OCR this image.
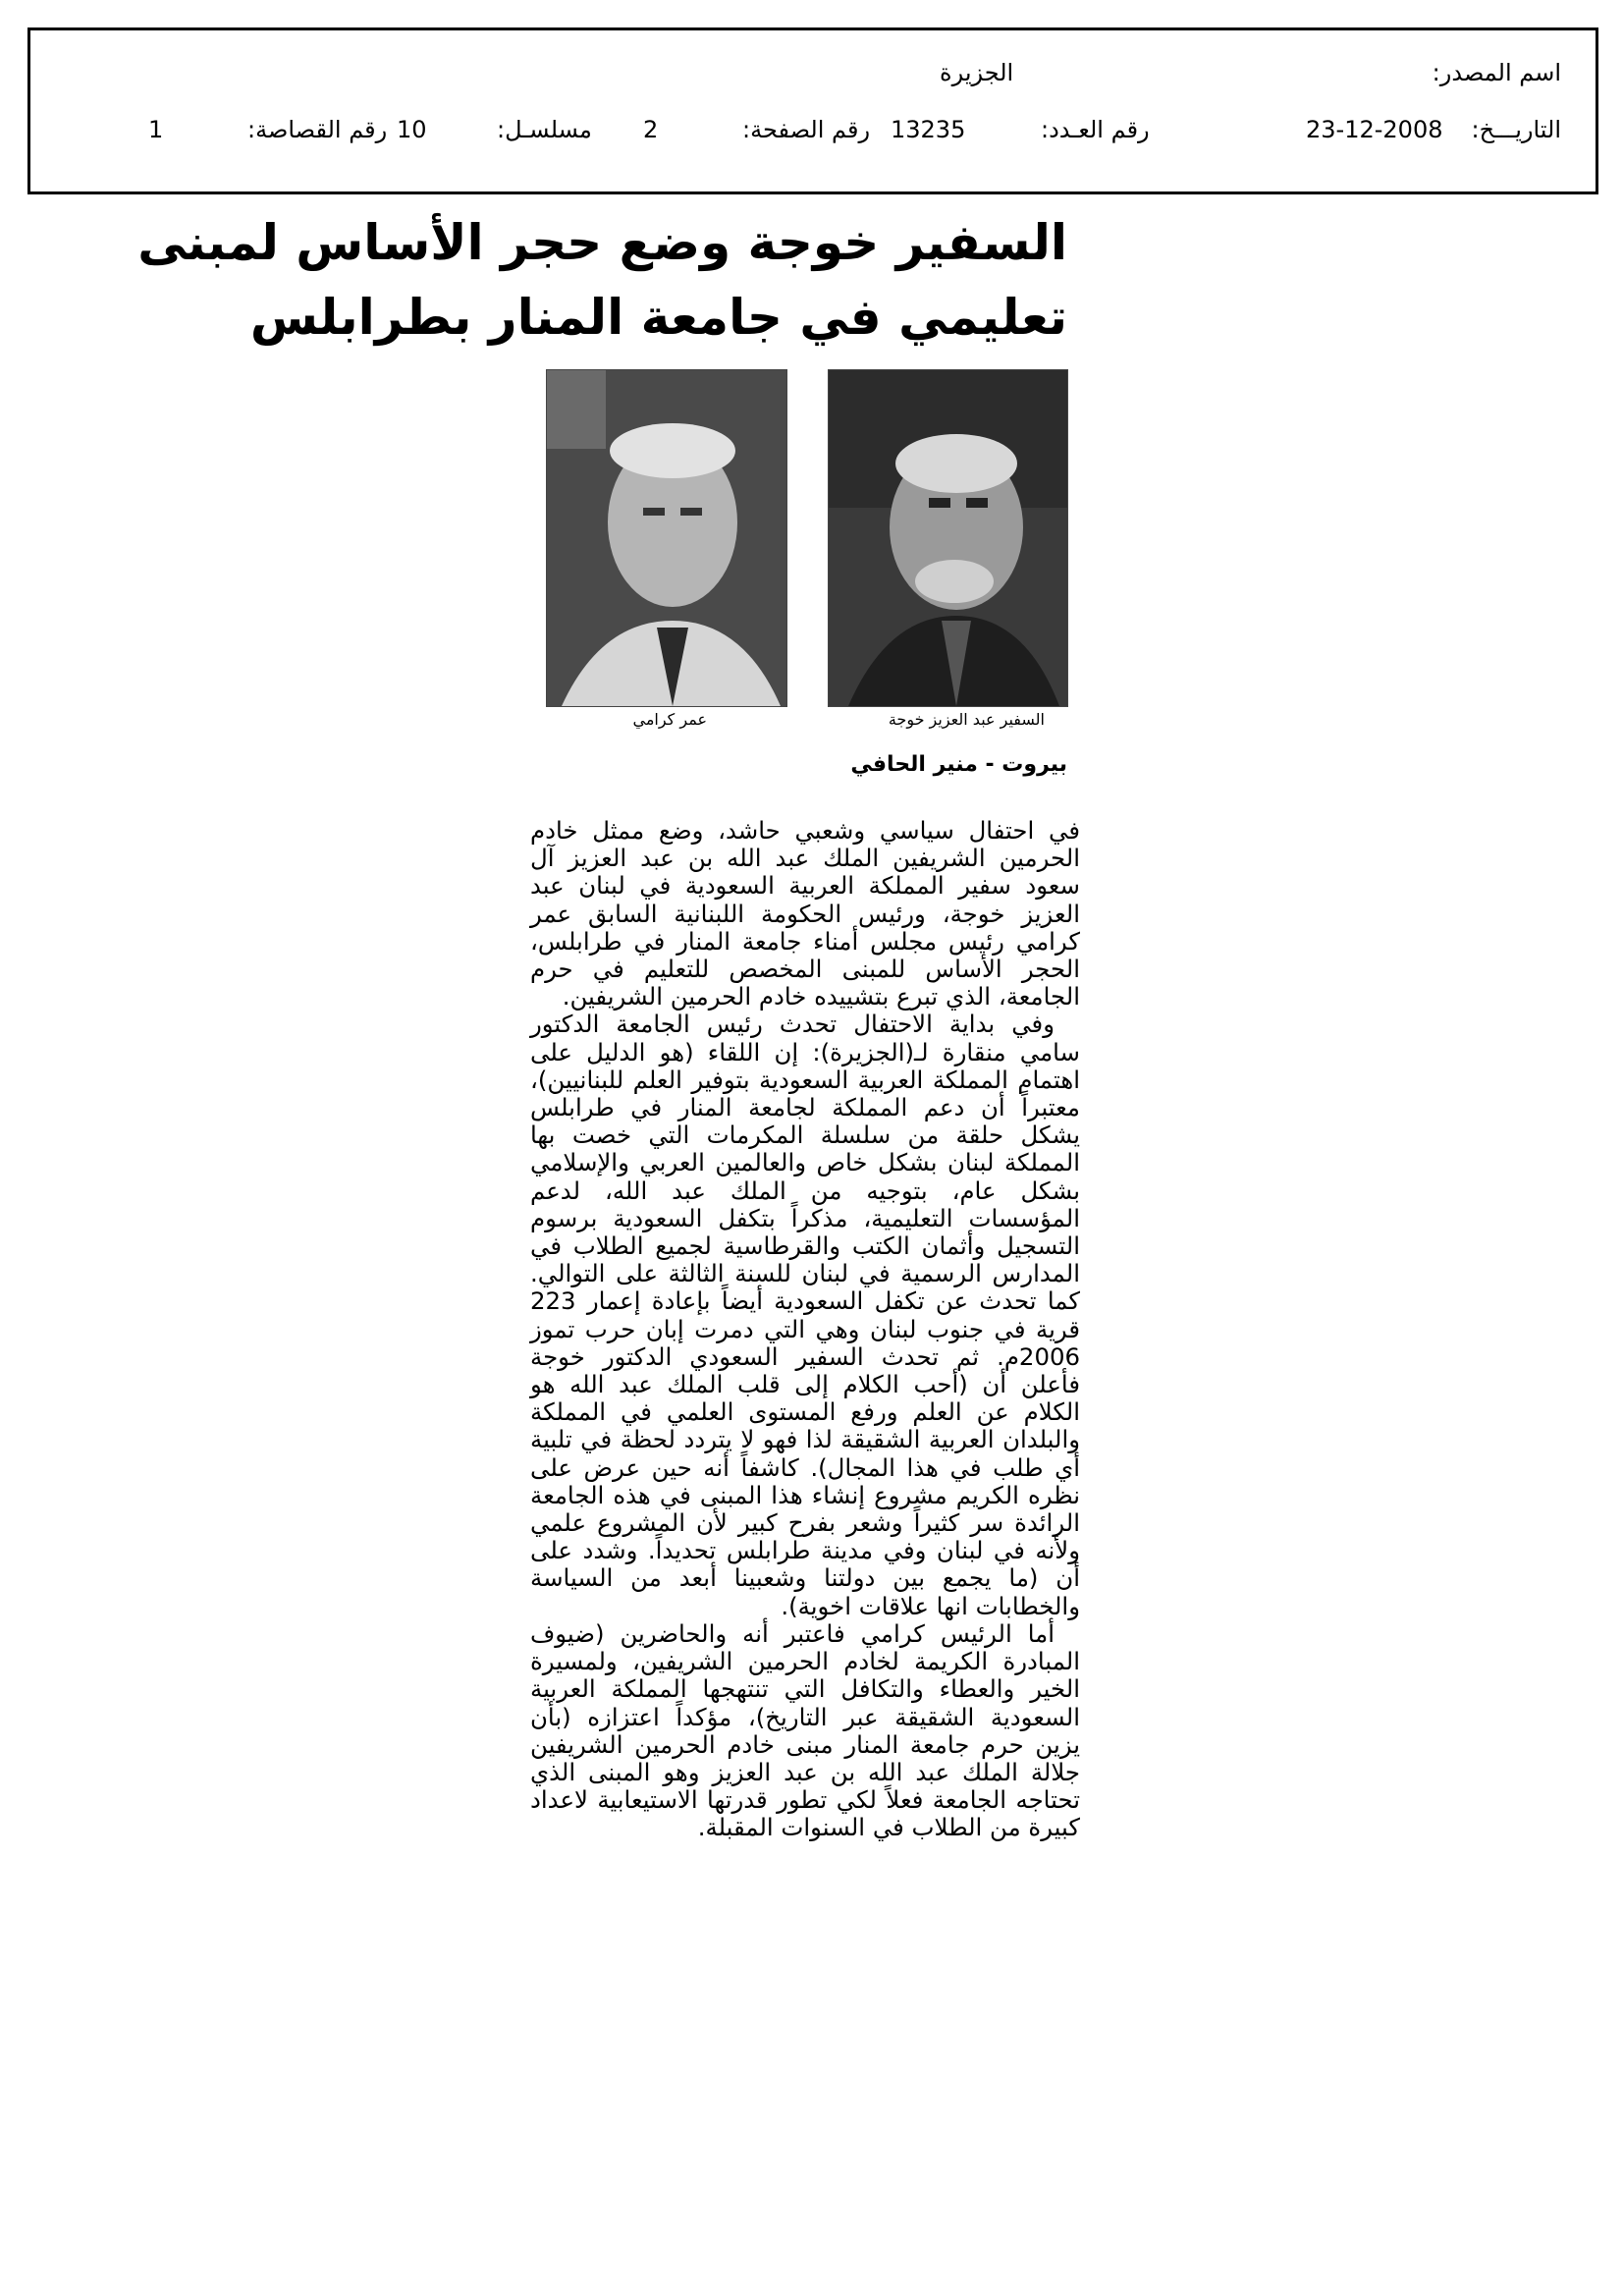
اسم المصدر:
الجزيرة
التاريـــخ:
23-12-2008
رقم العـدد:
13235
رقم الصفحة:
2
مسلسـل:
10
رقم القصاصة:
1
السفير خوجة وضع حجر الأساس لمبنى
تعليمي في جامعة المنار بطرابلس
السفير عبد العزيز خوجة
عمر كرامي
بيروت - منير الحافي

في احتفال سياسي وشعبي حاشد، وضع ممثل خادم الحرمين الشريفين الملك عبد الله بن عبد العزيز آل سعود سفير المملكة العربية السعودية في لبنان عبد العزيز خوجة، ورئيس الحكومة اللبنانية السابق عمر كرامي رئيس مجلس أمناء جامعة المنار في طرابلس، الحجر الأساس للمبنى المخصص للتعليم في حرم الجامعة، الذي تبرع بتشييده خادم الحرمين الشريفين.

وفي بداية الاحتفال تحدث رئيس الجامعة الدكتور سامي منقارة لـ(الجزيرة): إن اللقاء (هو الدليل على اهتمام المملكة العربية السعودية بتوفير العلم للبنانيين)، معتبراً أن دعم المملكة لجامعة المنار في طرابلس يشكل حلقة من سلسلة المكرمات التي خصت بها المملكة لبنان بشكل خاص والعالمين العربي والإسلامي بشكل عام، بتوجيه من الملك عبد الله، لدعم المؤسسات التعليمية، مذكراً بتكفل السعودية برسوم التسجيل وأثمان الكتب والقرطاسية لجميع الطلاب في المدارس الرسمية في لبنان للسنة الثالثة على التوالي. كما تحدث عن تكفل السعودية أيضاً بإعادة إعمار 223 قرية في جنوب لبنان وهي التي دمرت إبان حرب تموز 2006م. ثم تحدث السفير السعودي الدكتور خوجة فأعلن أن (أحب الكلام إلى قلب الملك عبد الله هو الكلام عن العلم ورفع المستوى العلمي في المملكة والبلدان العربية الشقيقة لذا فهو لا يتردد لحظة في تلبية أي طلب في هذا المجال). كاشفاً أنه حين عرض على نظره الكريم مشروع إنشاء هذا المبنى في هذه الجامعة الرائدة سر كثيراً وشعر بفرح كبير لأن المشروع علمي ولأنه في لبنان وفي مدينة طرابلس تحديداً. وشدد على أن (ما يجمع بين دولتنا وشعبينا أبعد من السياسة والخطابات انها علاقات اخوية).

أما الرئيس كرامي فاعتبر أنه والحاضرين (ضيوف المبادرة الكريمة لخادم الحرمين الشريفين، ولمسيرة الخير والعطاء والتكافل التي تنتهجها المملكة العربية السعودية الشقيقة عبر التاريخ)، مؤكداً اعتزازه (بأن يزين حرم جامعة المنار مبنى خادم الحرمين الشريفين جلالة الملك عبد الله بن عبد العزيز وهو المبنى الذي تحتاجه الجامعة فعلاً لكي تطور قدرتها الاستيعابية لاعداد كبيرة من الطلاب في السنوات المقبلة.
